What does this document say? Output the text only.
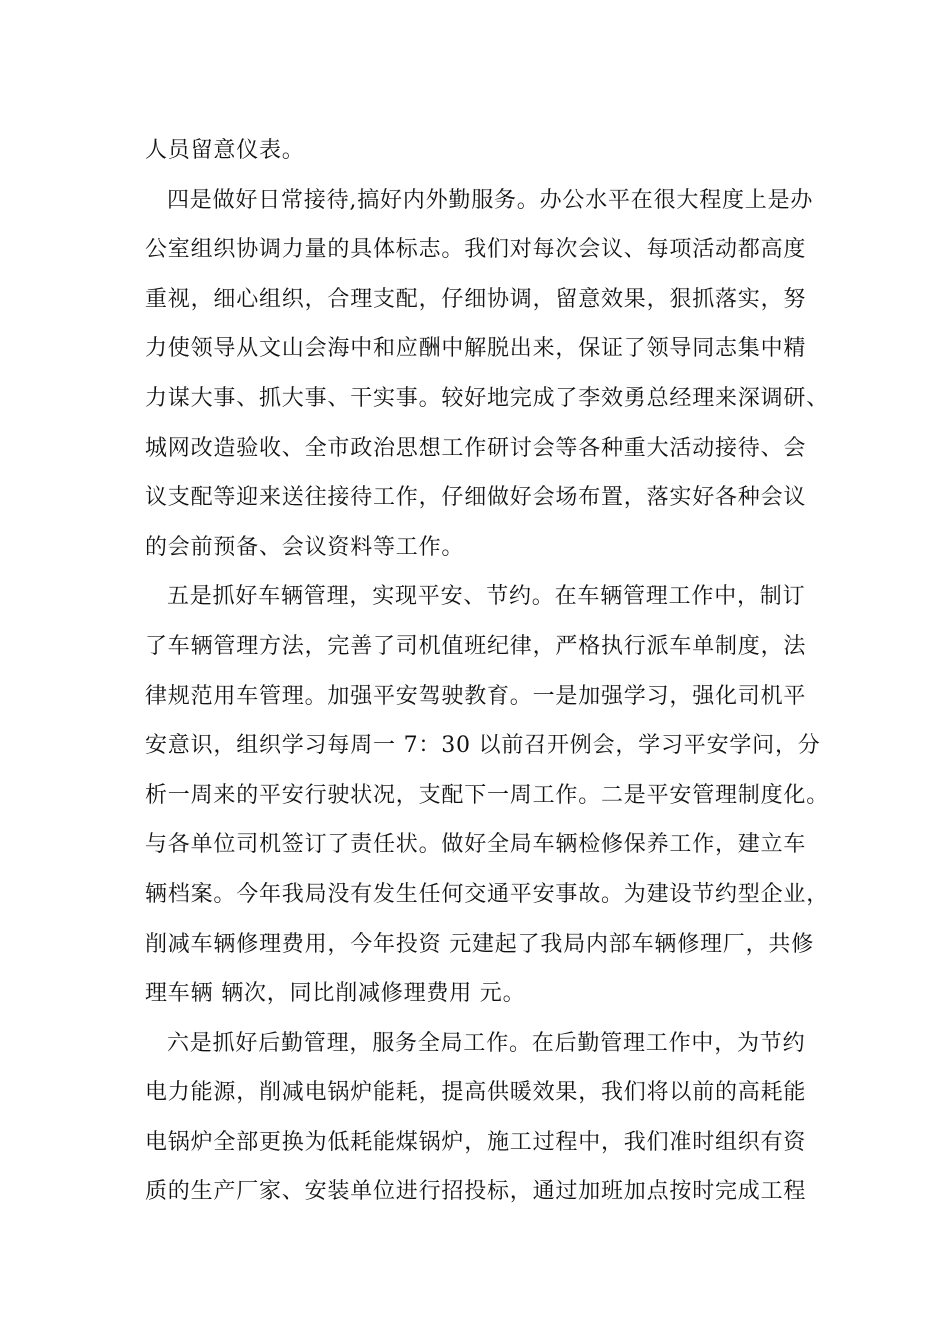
人员留意仪表。
四是做好日常接待,搞好内外勤服务。办公水平在很大程度上是办
公室组织协调力量的具体标志。我们对每次会议、每项活动都高度
重视，细心组织，合理支配，仔细协调，留意效果，狠抓落实，努
力使领导从文山会海中和应酬中解脱出来，保证了领导同志集中精
力谋大事、抓大事、干实事。较好地完成了李效勇总经理来深调研、
城网改造验收、全市政治思想工作研讨会等各种重大活动接待、会
议支配等迎来送往接待工作，仔细做好会场布置，落实好各种会议
的会前预备、会议资料等工作。
五是抓好车辆管理，实现平安、节约。在车辆管理工作中，制订
了车辆管理方法，完善了司机值班纪律，严格执行派车单制度，法
律规范用车管理。加强平安驾驶教育。一是加强学习，强化司机平
安意识，组织学习每周一 7：30 以前召开例会，学习平安学问，分
析一周来的平安行驶状况，支配下一周工作。二是平安管理制度化。
与各单位司机签订了责任状。做好全局车辆检修保养工作，建立车
辆档案。今年我局没有发生任何交通平安事故。为建设节约型企业，
削减车辆修理费用，今年投资 元建起了我局内部车辆修理厂，共修
理车辆 辆次，同比削减修理费用 元。
六是抓好后勤管理，服务全局工作。在后勤管理工作中，为节约
电力能源，削减电锅炉能耗，提高供暖效果，我们将以前的高耗能
电锅炉全部更换为低耗能煤锅炉，施工过程中，我们准时组织有资
质的生产厂家、安装单位进行招投标，通过加班加点按时完成工程
